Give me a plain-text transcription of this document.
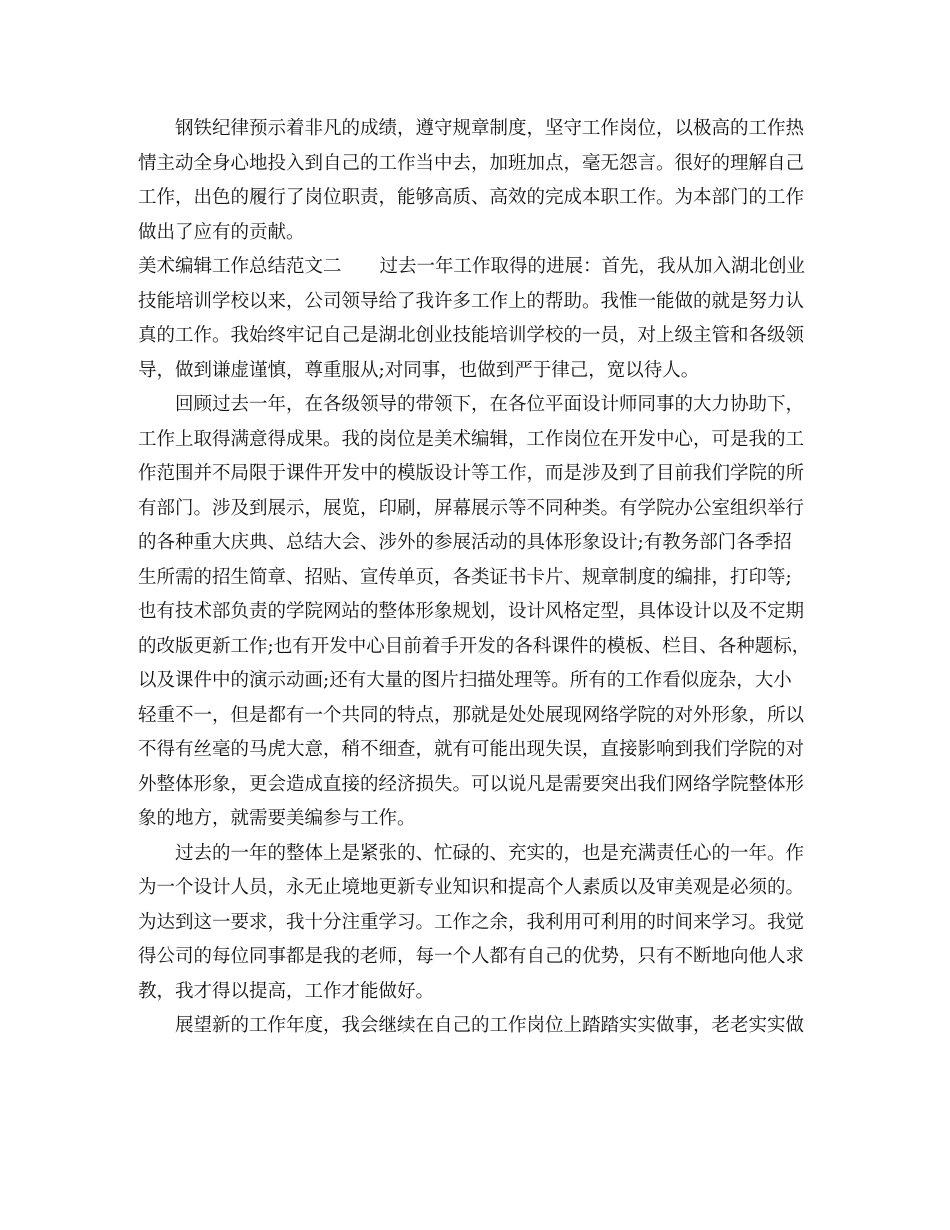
钢铁纪律预示着非凡的成绩，遵守规章制度，坚守工作岗位，以极高的工作热
情主动全身心地投入到自己的工作当中去，加班加点，毫无怨言。很好的理解自己
工作，出色的履行了岗位职责，能够高质、高效的完成本职工作。为本部门的工作
做出了应有的贡献。
美术编辑工作总结范文二 过去一年工作取得的进展：首先，我从加入湖北创业
技能培训学校以来，公司领导给了我许多工作上的帮助。我惟一能做的就是努力认
真的工作。我始终牢记自己是湖北创业技能培训学校的一员，对上级主管和各级领
导，做到谦虚谨慎，尊重服从;对同事，也做到严于律己，宽以待人。
回顾过去一年，在各级领导的带领下，在各位平面设计师同事的大力协助下，
工作上取得满意得成果。我的岗位是美术编辑，工作岗位在开发中心，可是我的工
作范围并不局限于课件开发中的模版设计等工作，而是涉及到了目前我们学院的所
有部门。涉及到展示，展览，印刷，屏幕展示等不同种类。有学院办公室组织举行
的各种重大庆典、总结大会、涉外的参展活动的具体形象设计;有教务部门各季招
生所需的招生简章、招贴、宣传单页，各类证书卡片、规章制度的编排，打印等;
也有技术部负责的学院网站的整体形象规划，设计风格定型，具体设计以及不定期
的改版更新工作;也有开发中心目前着手开发的各科课件的模板、栏目、各种题标，
以及课件中的演示动画;还有大量的图片扫描处理等。所有的工作看似庞杂，大小
轻重不一，但是都有一个共同的特点，那就是处处展现网络学院的对外形象，所以
不得有丝毫的马虎大意，稍不细查，就有可能出现失误，直接影响到我们学院的对
外整体形象，更会造成直接的经济损失。可以说凡是需要突出我们网络学院整体形
象的地方，就需要美编参与工作。
过去的一年的整体上是紧张的、忙碌的、充实的，也是充满责任心的一年。作
为一个设计人员，永无止境地更新专业知识和提高个人素质以及审美观是必须的。
为达到这一要求，我十分注重学习。工作之余，我利用可利用的时间来学习。我觉
得公司的每位同事都是我的老师，每一个人都有自己的优势，只有不断地向他人求
教，我才得以提高，工作才能做好。
展望新的工作年度，我会继续在自己的工作岗位上踏踏实实做事，老老实实做
